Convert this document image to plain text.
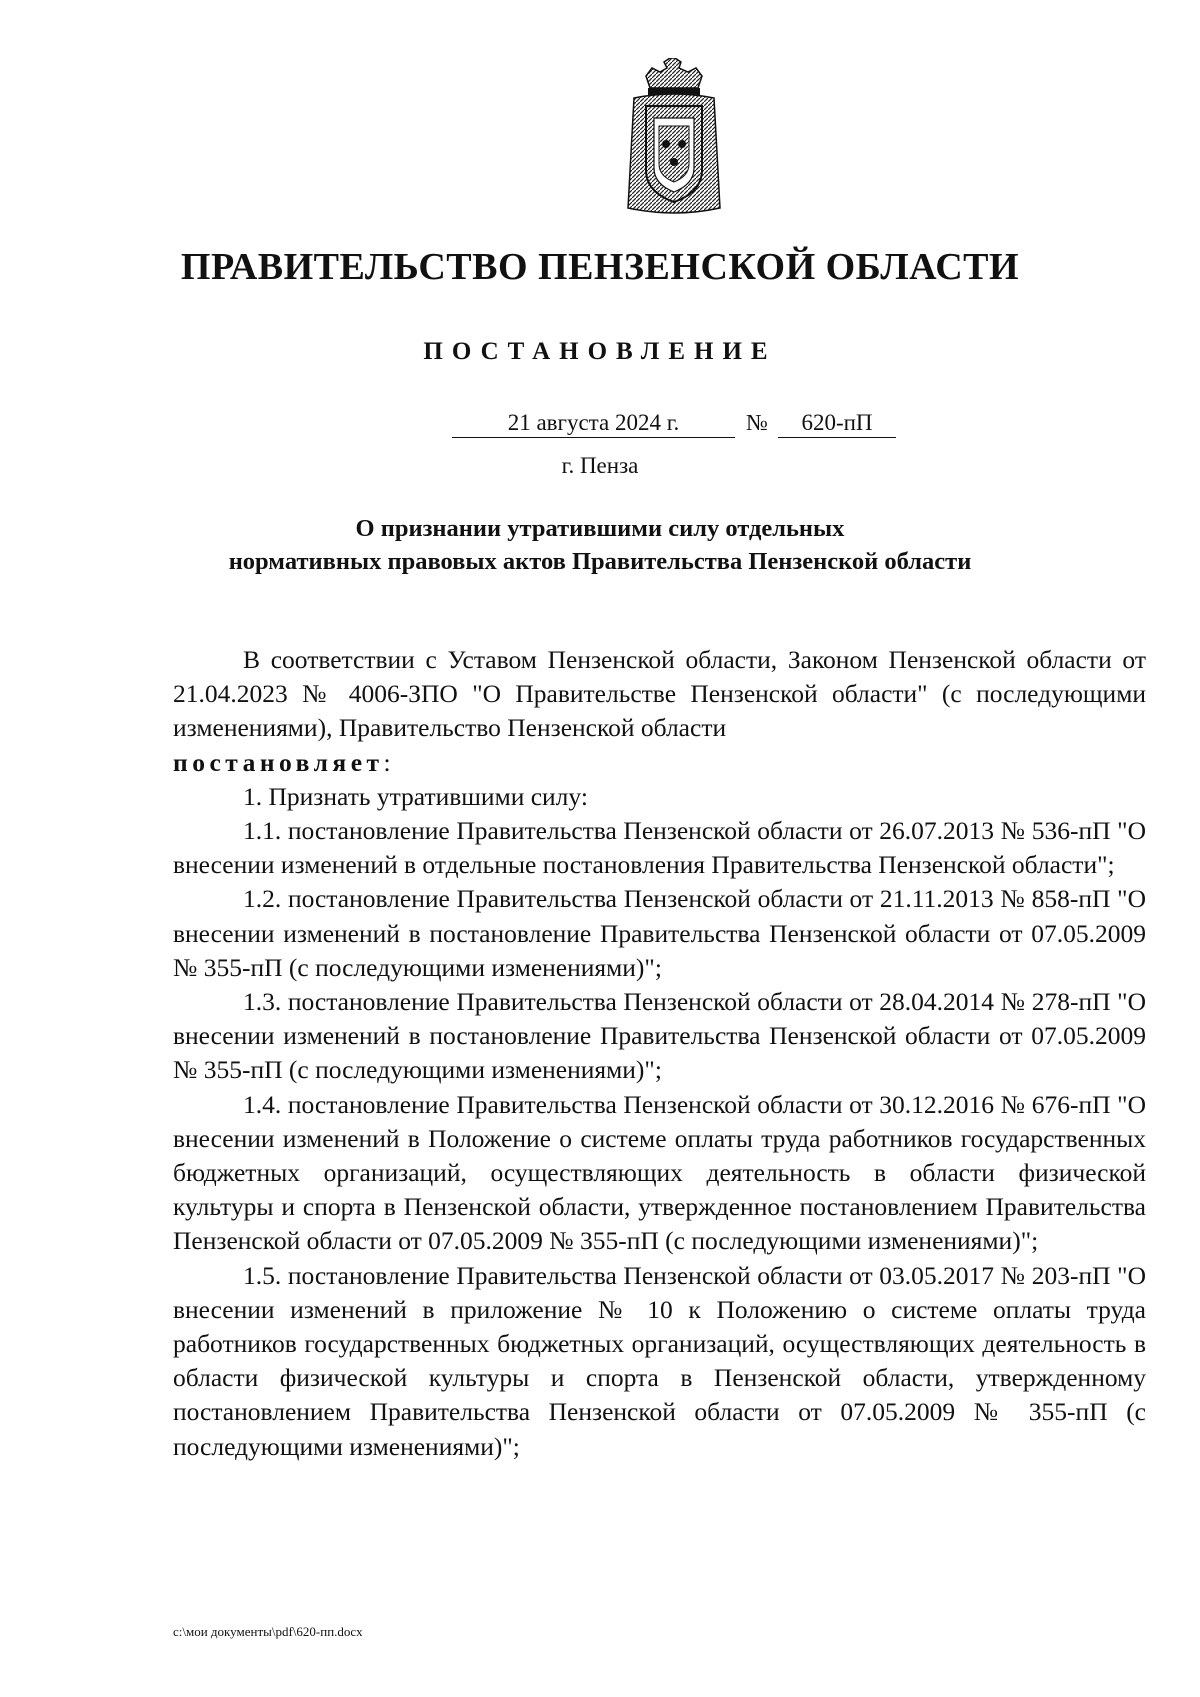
ПРАВИТЕЛЬСТВО ПЕНЗЕНСКОЙ ОБЛАСТИ
ПОСТАНОВЛЕНИЕ
21 августа 2024 г.	№	620-пП
г. Пенза
О признании утратившими силу отдельных
нормативных правовых актов Правительства Пензенской области

В соответствии с Уставом Пензенской области, Законом Пензенской области от 21.04.2023 № 4006-ЗПО "О Правительстве Пензенской области" (с последующими изменениями), Правительство Пензенской области

постановляет:

1. Признать утратившими силу:

1.1. постановление Правительства Пензенской области от 26.07.2013 № 536-пП "О внесении изменений в отдельные постановления Правительства Пензенской области";

1.2. постановление Правительства Пензенской области от 21.11.2013 № 858-пП "О внесении изменений в постановление Правительства Пензенской области от 07.05.2009 № 355-пП (с последующими изменениями)";

1.3. постановление Правительства Пензенской области от 28.04.2014 № 278-пП "О внесении изменений в постановление Правительства Пензенской области от 07.05.2009 № 355-пП (с последующими изменениями)";

1.4. постановление Правительства Пензенской области от 30.12.2016 № 676-пП "О внесении изменений в Положение о системе оплаты труда работников государственных бюджетных организаций, осуществляющих деятельность в области физической культуры и спорта в Пензенской области, утвержденное постановлением Правительства Пензенской области от 07.05.2009 № 355-пП (с последующими изменениями)";

1.5. постановление Правительства Пензенской области от 03.05.2017 № 203-пП "О внесении изменений в приложение № 10 к Положению о системе оплаты труда работников государственных бюджетных организаций, осуществляющих деятельность в области физической культуры и спорта в Пензенской области, утвержденному постановлением Правительства Пензенской области от 07.05.2009 № 355-пП (с последующими изменениями)";

c:\мои документы\pdf\620-пп.docx
